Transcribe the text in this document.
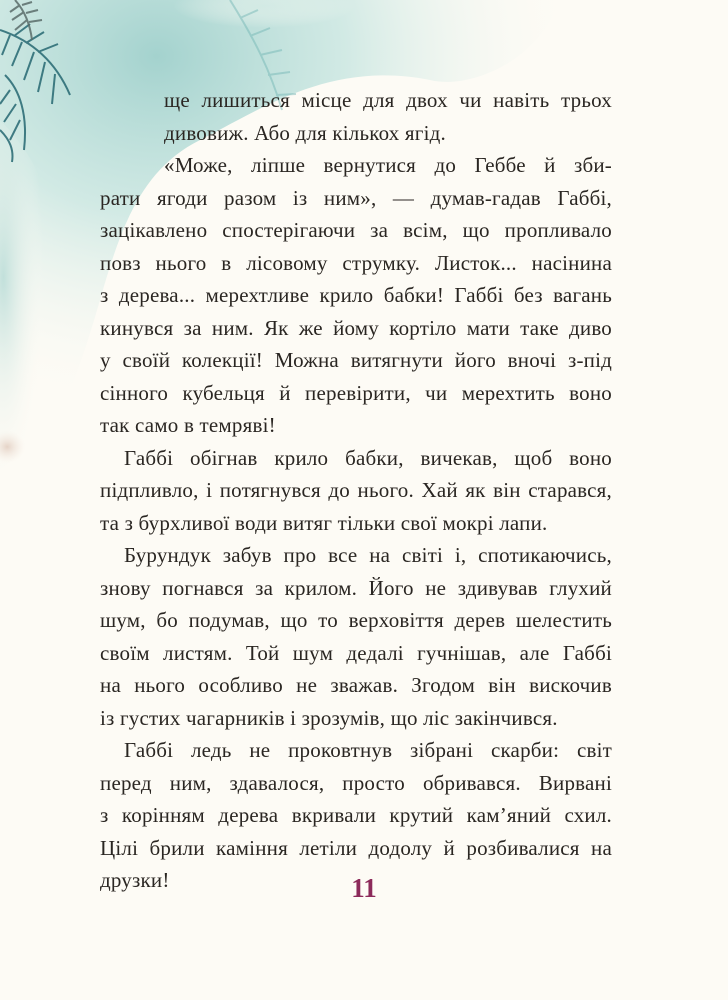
ще лишиться місце для двох чи навіть трьох
дивовиж. Або для кількох ягід.
«Може, ліпше вернутися до Геббе й зби-
рати ягоди разом із ним», — думав-гадав Габбі,
зацікавлено спостерігаючи за всім, що пропливало
повз нього в лісовому струмку. Листок... насінина
з дерева... мерехтливе крило бабки! Габбі без вагань
кинувся за ним. Як же йому кортіло мати таке диво
у своїй колекції! Можна витягнути його вночі з-під
сінного кубельця й перевірити, чи мерехтить воно
так само в темряві!
Габбі обігнав крило бабки, вичекав, щоб воно
підпливло, і потягнувся до нього. Хай як він старався,
та з бурхливої води витяг тільки свої мокрі лапи.
Бурундук забув про все на світі і, спотикаючись,
знову погнався за крилом. Його не здивував глухий
шум, бо подумав, що то верховіття дерев шелестить
своїм листям. Той шум дедалі гучнішав, але Габбі
на нього особливо не зважав. Згодом він вискочив
із густих чагарників і зрозумів, що ліс закінчився.
Габбі ледь не проковтнув зібрані скарби: світ
перед ним, здавалося, просто обривався. Вирвані
з корінням дерева вкривали крутий кам’яний схил.
Цілі брили каміння летіли додолу й розбивалися на
друзки!	11
